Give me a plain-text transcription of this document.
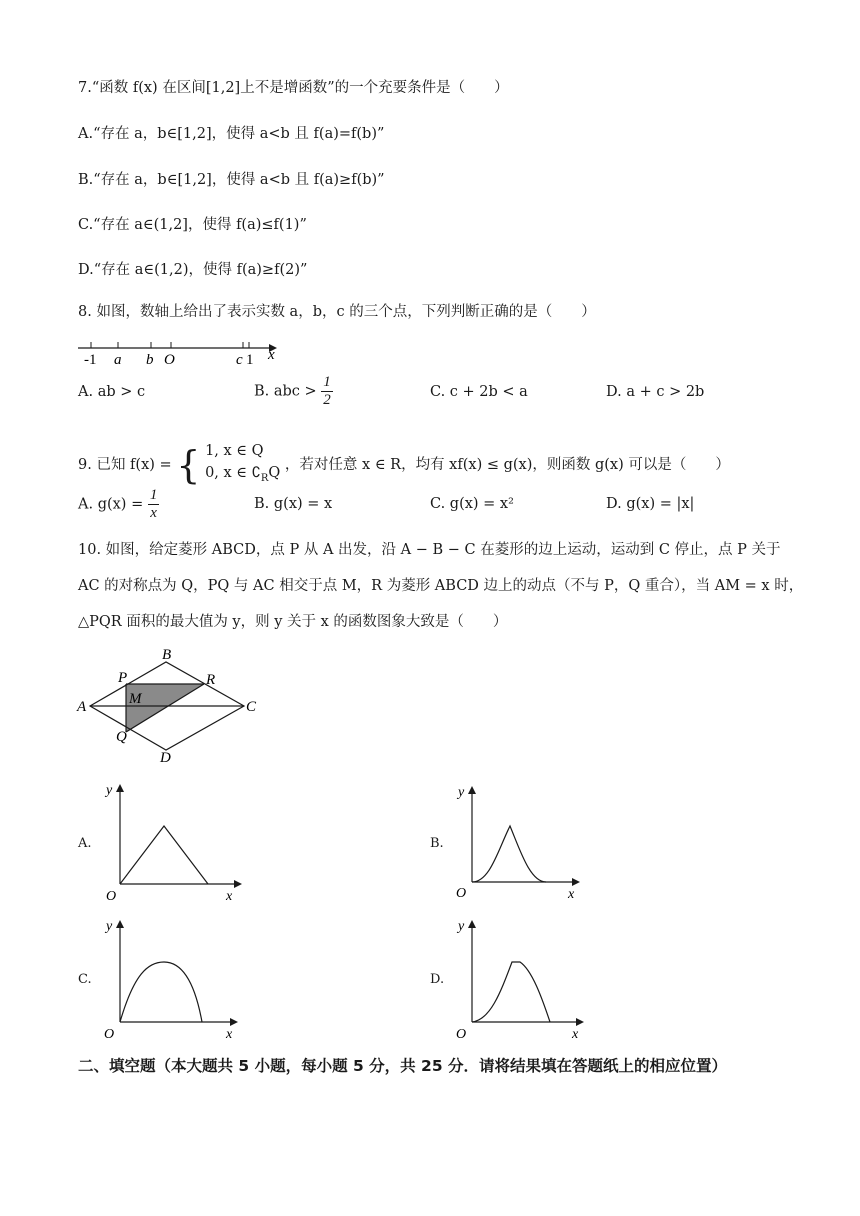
7.“函数 f(x) 在区间[1,2]上不是增函数”的一个充要条件是（　　）
A.“存在 a，b∈[1,2]，使得 a<b 且 f(a)=f(b)”
B.“存在 a，b∈[1,2]，使得 a<b 且 f(a)≥f(b)”
C.“存在 a∈(1,2]，使得 f(a)≤f(1)”
D.“存在 a∈(1,2)，使得 f(a)≥f(2)”
8. 如图，数轴上给出了表示实数 a，b，c 的三个点，下列判断正确的是（　　）
-1 a b O	c 1 x
A. ab > c	B. abc > $\frac{1}{2}$	C. c + 2b < a	D. a + c > 2b
9. 已知 f(x) = { 1, x ∈ Q
0, x ∈ $∁_RQ$
，若对任意 x ∈ R，均有 xf(x) ≤ g(x)，则函数 g(x) 可以是（　　）
A. $g(x) = \frac{1}{x}$	B. g(x) = x	C. g(x) = x²	D. g(x) = |x|
10. 如图，给定菱形 ABCD，点 P 从 A 出发，沿 A − B − C 在菱形的边上运动，运动到 C 停止，点 P 关于
AC 的对称点为 Q，PQ 与 AC 相交于点 M，R 为菱形 ABCD 边上的动点（不与 P，Q 重合），当 AM = x 时，
△PQR 面积的最大值为 y，则 y 关于 x 的函数图象大致是（　　）
A
B
C
D
P
Q
R
M
A.
y
x
O
B.
y
x
O
C.
y
x
O
D.
y
x
O
二、填空题（本大题共 5 小题，每小题 5 分，共 25 分．请将结果填在答题纸上的相应位置）
